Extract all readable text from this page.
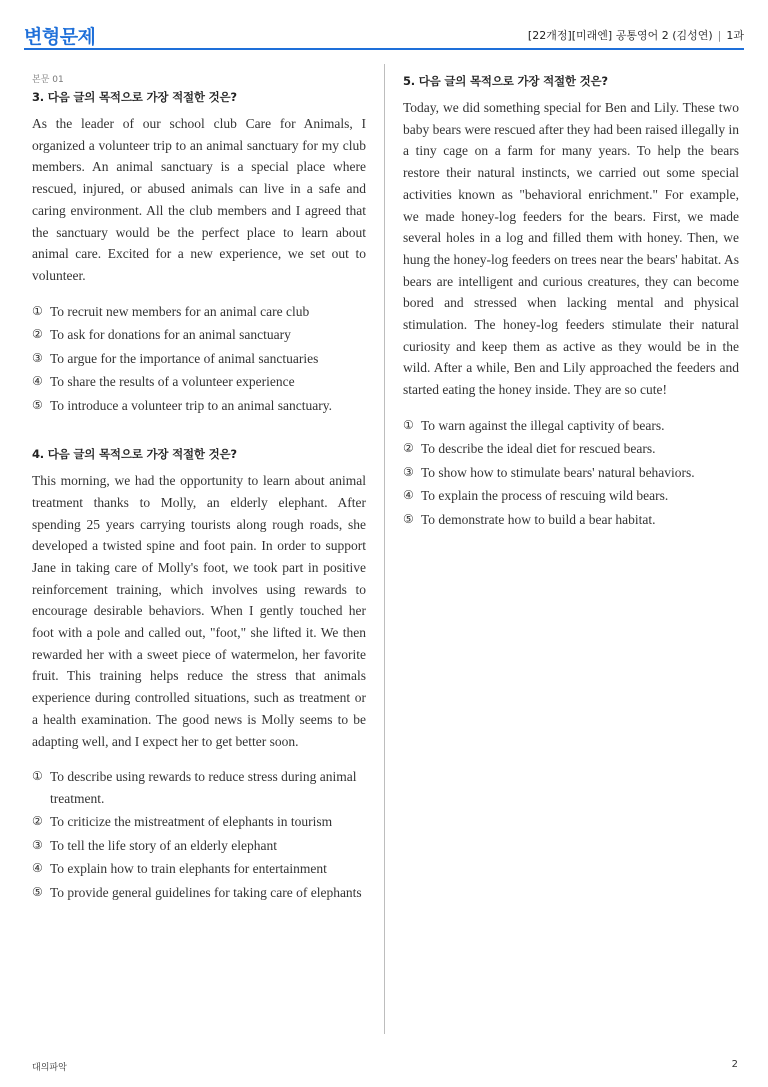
변형문제	[22개정][미래엔] 공통영어 2 (김성연) | 1과
본문 01
3. 다음 글의 목적으로 가장 적절한 것은?

As the leader of our school club Care for Animals, I organized a volunteer trip to an animal sanctuary for my club members. An animal sanctuary is a special place where rescued, injured, or abused animals can live in a safe and caring environment. All the club members and I agreed that the sanctuary would be the perfect place to learn about animal care. Excited for a new experience, we set out to volunteer.

① To recruit new members for an animal care club
② To ask for donations for an animal sanctuary
③ To argue for the importance of animal sanctuaries
④ To share the results of a volunteer experience
⑤ To introduce a volunteer trip to an animal sanctuary.
4. 다음 글의 목적으로 가장 적절한 것은?

This morning, we had the opportunity to learn about animal treatment thanks to Molly, an elderly elephant. After spending 25 years carrying tourists along rough roads, she developed a twisted spine and foot pain. In order to support Jane in taking care of Molly's foot, we took part in positive reinforcement training, which involves using rewards to encourage desirable behaviors. When I gently touched her foot with a pole and called out, "foot," she lifted it. We then rewarded her with a sweet piece of watermelon, her favorite fruit. This training helps reduce the stress that animals experience during controlled situations, such as treatment or a health examination. The good news is Molly seems to be adapting well, and I expect her to get better soon.

① To describe using rewards to reduce stress during animal treatment.
② To criticize the mistreatment of elephants in tourism
③ To tell the life story of an elderly elephant
④ To explain how to train elephants for entertainment
⑤ To provide general guidelines for taking care of elephants
5. 다음 글의 목적으로 가장 적절한 것은?

Today, we did something special for Ben and Lily. These two baby bears were rescued after they had been raised illegally in a tiny cage on a farm for many years. To help the bears restore their natural instincts, we carried out some special activities known as "behavioral enrichment." For example, we made honey-log feeders for the bears. First, we made several holes in a log and filled them with honey. Then, we hung the honey-log feeders on trees near the bears' habitat. As bears are intelligent and curious creatures, they can become bored and stressed when lacking mental and physical stimulation. The honey-log feeders stimulate their natural curiosity and keep them as active as they would be in the wild. After a while, Ben and Lily approached the feeders and started eating the honey inside. They are so cute!

① To warn against the illegal captivity of bears.
② To describe the ideal diet for rescued bears.
③ To show how to stimulate bears' natural behaviors.
④ To explain the process of rescuing wild bears.
⑤ To demonstrate how to build a bear habitat.
대의파악	2
